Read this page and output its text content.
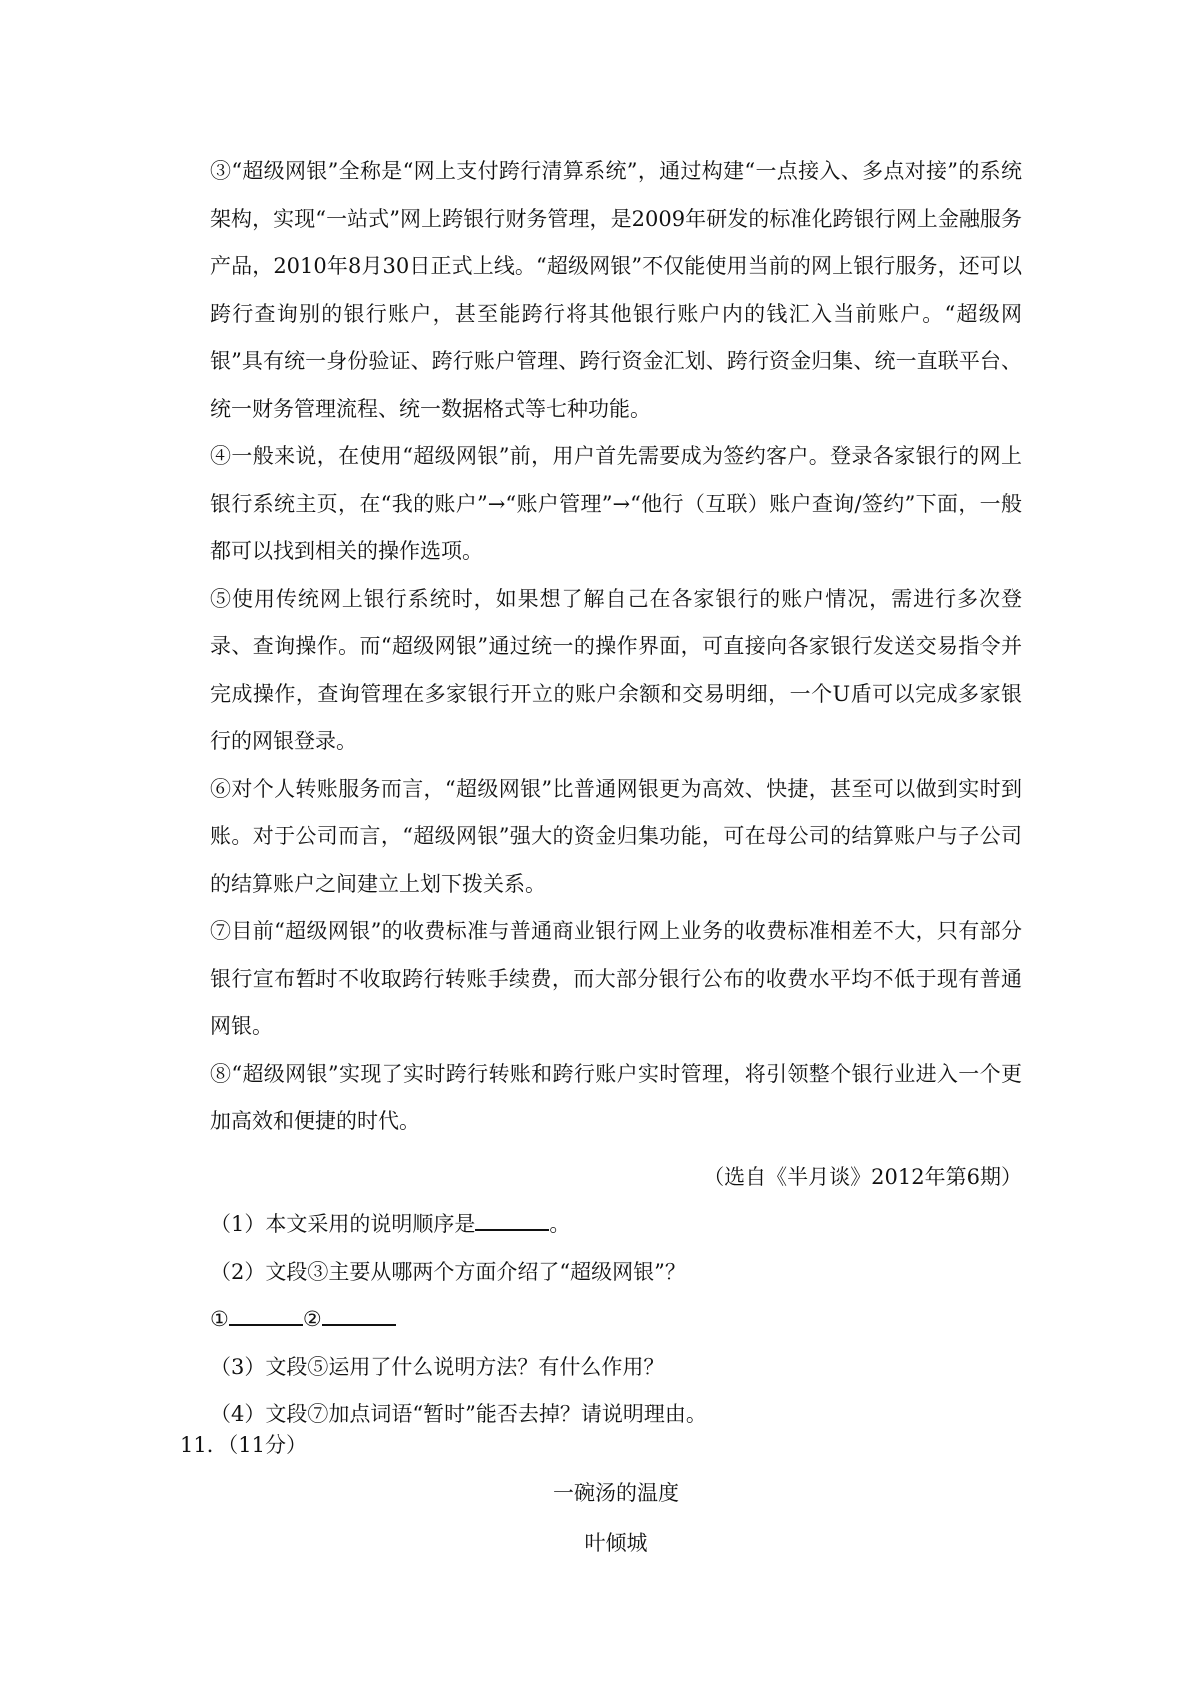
③“超级网银”全称是“网上支付跨行清算系统”，通过构建“一点接入、多点对接”的系统架构，实现“一站式”网上跨银行财务管理，是2009年研发的标准化跨银行网上金融服务产品，2010年8月30日正式上线。“超级网银”不仅能使用当前的网上银行服务，还可以跨行查询别的银行账户，甚至能跨行将其他银行账户内的钱汇入当前账户。“超级网银”具有统一身份验证、跨行账户管理、跨行资金汇划、跨行资金归集、统一直联平台、统一财务管理流程、统一数据格式等七种功能。

④一般来说，在使用“超级网银”前，用户首先需要成为签约客户。登录各家银行的网上银行系统主页，在“我的账户”→“账户管理”→“他行（互联）账户查询/签约”下面，一般都可以找到相关的操作选项。

⑤使用传统网上银行系统时，如果想了解自己在各家银行的账户情况，需进行多次登录、查询操作。而“超级网银”通过统一的操作界面，可直接向各家银行发送交易指令并完成操作，查询管理在多家银行开立的账户余额和交易明细，一个U盾可以完成多家银行的网银登录。

⑥对个人转账服务而言，“超级网银”比普通网银更为高效、快捷，甚至可以做到实时到账。对于公司而言，“超级网银”强大的资金归集功能，可在母公司的结算账户与子公司的结算账户之间建立上划下拨关系。

⑦目前“超级网银”的收费标准与普通商业银行网上业务的收费标准相差不大，只有部分银行宣布暂时 · ·不收取跨行转账手续费，而大部分银行公布的收费水平均不低于现有普通网银。

⑧“超级网银”实现了实时跨行转账和跨行账户实时管理，将引领整个银行业进入一个更加高效和便捷的时代。

（选自《半月谈》2012年第6期）

（1）本文采用的说明顺序是	。

（2）文段③主要从哪两个方面介绍了“超级网银”？

①	②

（3）文段⑤运用了什么说明方法？有什么作用？

（4）文段⑦加点词语“暂时”能否去掉？请说明理由。

11．（11分）

一碗汤的温度

叶倾城
